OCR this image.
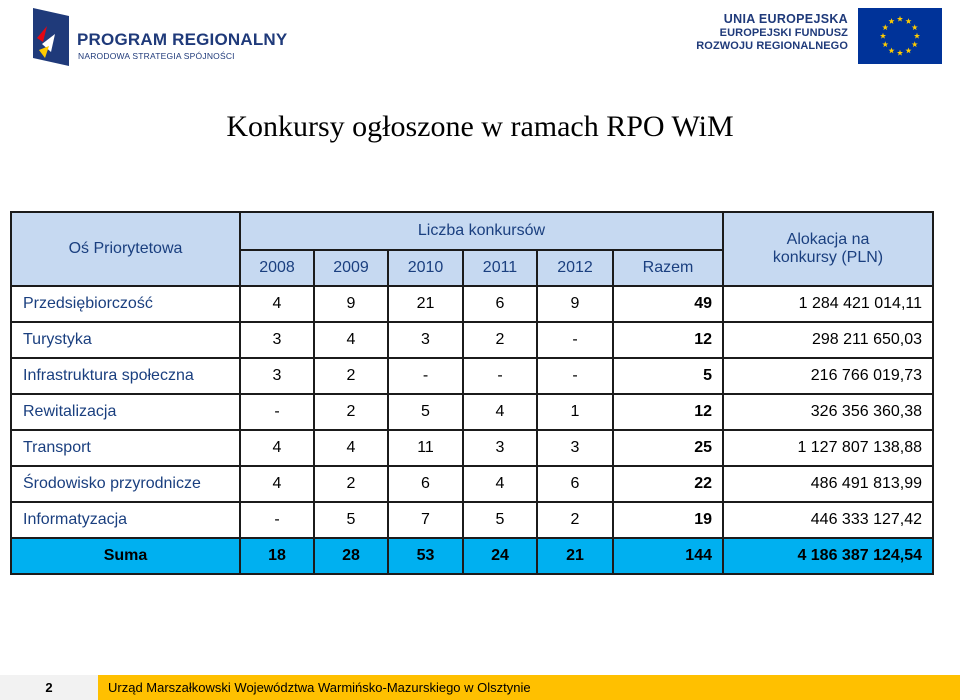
PROGRAM REGIONALNY
NARODOWA STRATEGIA SPÓJNOŚCI
UNIA EUROPEJSKA
EUROPEJSKI FUNDUSZ
ROZWOJU REGIONALNEGO
Konkursy ogłoszone w ramach RPO WiM
Oś Priorytetowa	Liczba konkursów						Alokacja na konkursy (PLN)
	2008	2009	2010	2011	2012	Razem	
Przedsiębiorczość	4	9	21	6	9	49	1 284 421 014,11
Turystyka	3	4	3	2	-	12	298 211 650,03
Infrastruktura społeczna	3	2	-	-	-	5	216 766 019,73
Rewitalizacja	-	2	5	4	1	12	326 356 360,38
Transport	4	4	11	3	3	25	1 127 807 138,88
Środowisko przyrodnicze	4	2	6	4	6	22	486 491 813,99
Informatyzacja	-	5	7	5	2	19	446 333 127,42
Suma	18	28	53	24	21	144	4 186 387 124,54
2	Urząd Marszałkowski Województwa Warmińsko-Mazurskiego w Olsztynie
